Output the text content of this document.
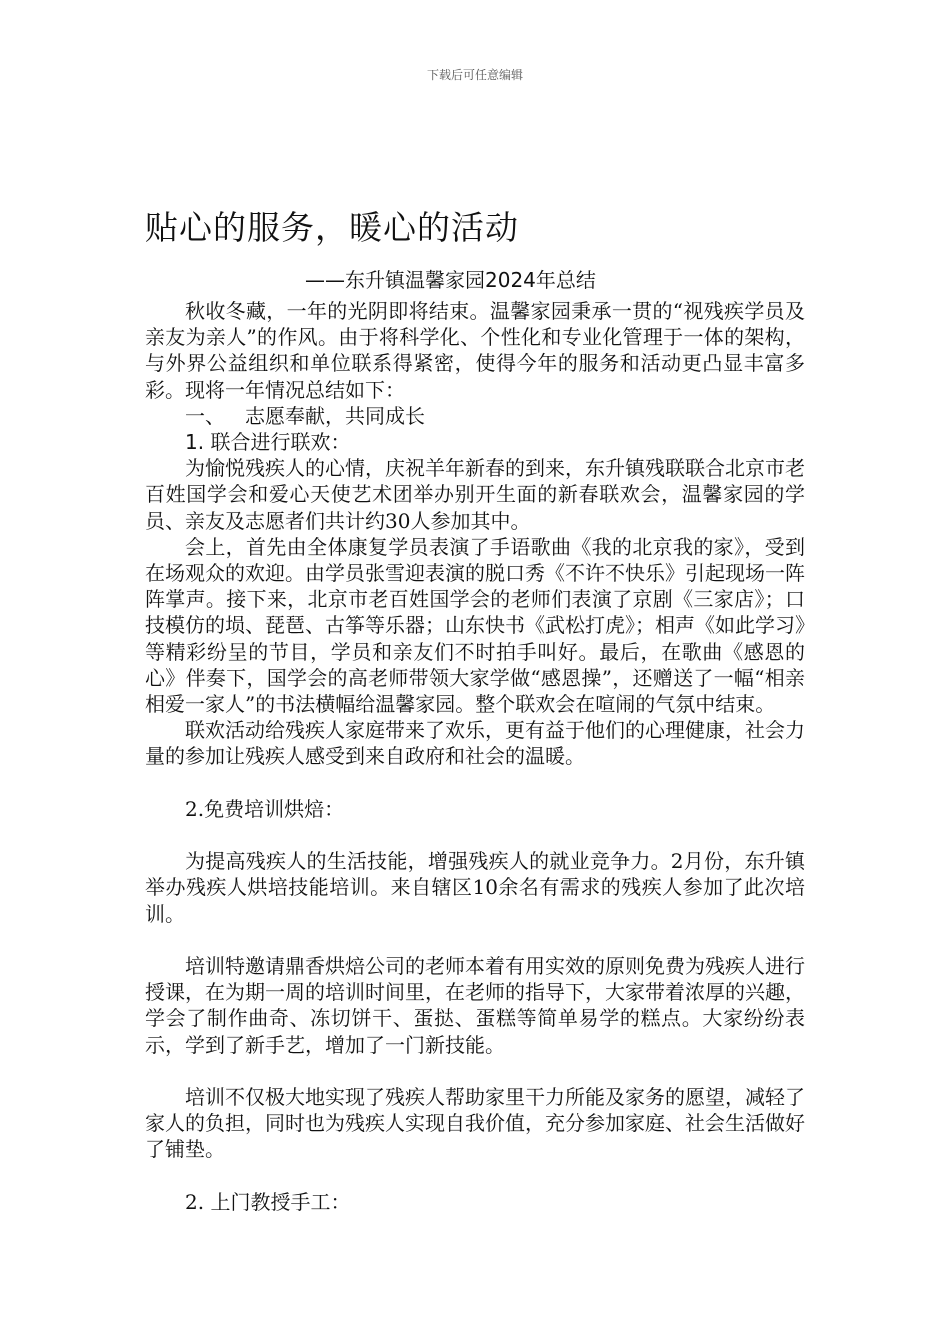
下载后可任意编辑
贴心的服务，暖心的活动
——东升镇温馨家园2024年总结

秋收冬藏，一年的光阴即将结束。温馨家园秉承一贯的“视残疾学员及亲友为亲人”的作风。由于将科学化、个性化和专业化管理于一体的架构，与外界公益组织和单位联系得紧密，使得今年的服务和活动更凸显丰富多彩。现将一年情况总结如下：

一、 志愿奉献，共同成长

1. 联合进行联欢：

为愉悦残疾人的心情，庆祝羊年新春的到来，东升镇残联联合北京市老百姓国学会和爱心天使艺术团举办别开生面的新春联欢会，温馨家园的学员、亲友及志愿者们共计约30人参加其中。

会上，首先由全体康复学员表演了手语歌曲《我的北京我的家》，受到在场观众的欢迎。由学员张雪迎表演的脱口秀《不许不快乐》引起现场一阵阵掌声。接下来，北京市老百姓国学会的老师们表演了京剧《三家店》；口技模仿的埙、琵琶、古筝等乐器；山东快书《武松打虎》；相声《如此学习》等精彩纷呈的节目，学员和亲友们不时拍手叫好。最后，在歌曲《感恩的心》伴奏下，国学会的高老师带领大家学做“感恩操”，还赠送了一幅“相亲相爱一家人”的书法横幅给温馨家园。整个联欢会在喧闹的气氛中结束。

联欢活动给残疾人家庭带来了欢乐，更有益于他们的心理健康，社会力量的参加让残疾人感受到来自政府和社会的温暖。

2.免费培训烘焙：

为提高残疾人的生活技能，增强残疾人的就业竞争力。2月份，东升镇举办残疾人烘培技能培训。来自辖区10余名有需求的残疾人参加了此次培训。

培训特邀请鼎香烘焙公司的老师本着有用实效的原则免费为残疾人进行授课，在为期一周的培训时间里，在老师的指导下，大家带着浓厚的兴趣，学会了制作曲奇、冻切饼干、蛋挞、蛋糕等简单易学的糕点。大家纷纷表示，学到了新手艺，增加了一门新技能。

培训不仅极大地实现了残疾人帮助家里干力所能及家务的愿望，减轻了家人的负担，同时也为残疾人实现自我价值，充分参加家庭、社会生活做好了铺垫。

2. 上门教授手工：
